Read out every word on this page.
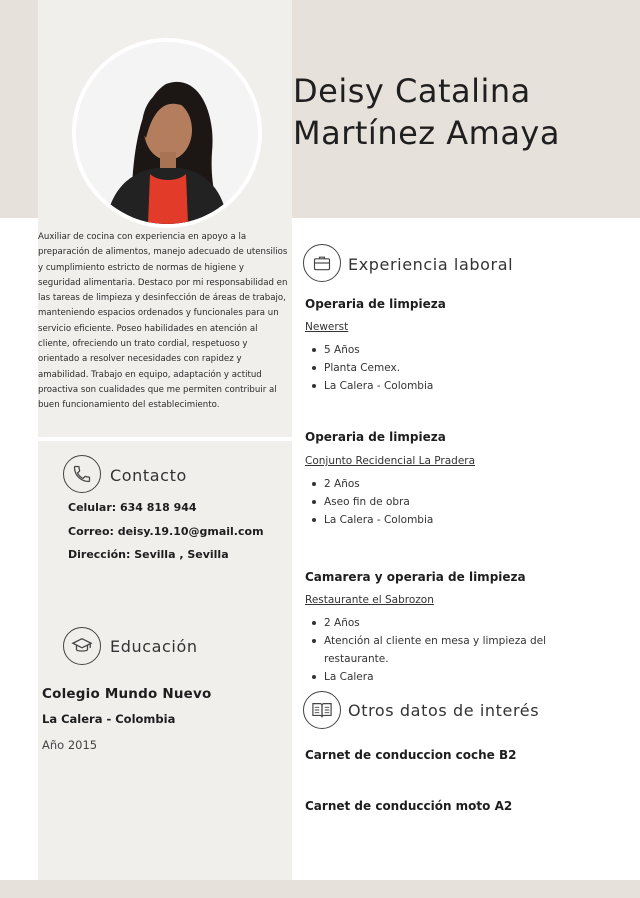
Deisy Catalina
Martínez Amaya
Auxiliar de cocina con experiencia en apoyo a la preparación de alimentos, manejo adecuado de utensilios y cumplimiento estricto de normas de higiene y seguridad alimentaria. Destaco por mi responsabilidad en las tareas de limpieza y desinfección de áreas de trabajo, manteniendo espacios ordenados y funcionales para un servicio eficiente. Poseo habilidades en atención al cliente, ofreciendo un trato cordial, respetuoso y orientado a resolver necesidades con rapidez y amabilidad. Trabajo en equipo, adaptación y actitud proactiva son cualidades que me permiten contribuir al buen funcionamiento del establecimiento.
Contacto
Celular: 634 818 944
Correo: deisy.19.10@gmail.com
Dirección: Sevilla , Sevilla
Educación
Colegio Mundo Nuevo
La Calera - Colombia
Año 2015
Experiencia laboral
Operaria de limpieza
Newerst
5 Años
Planta Cemex.
La Calera - Colombia
Operaria de limpieza
Conjunto Recidencial La Pradera
2 Años
Aseo fin de obra
La Calera - Colombia
Camarera y operaria de limpieza
Restaurante el Sabrozon
2 Años
Atención al cliente en mesa y limpieza del restaurante.
La Calera
Otros datos de interés
Carnet de conduccion coche B2
Carnet de conducción moto A2
